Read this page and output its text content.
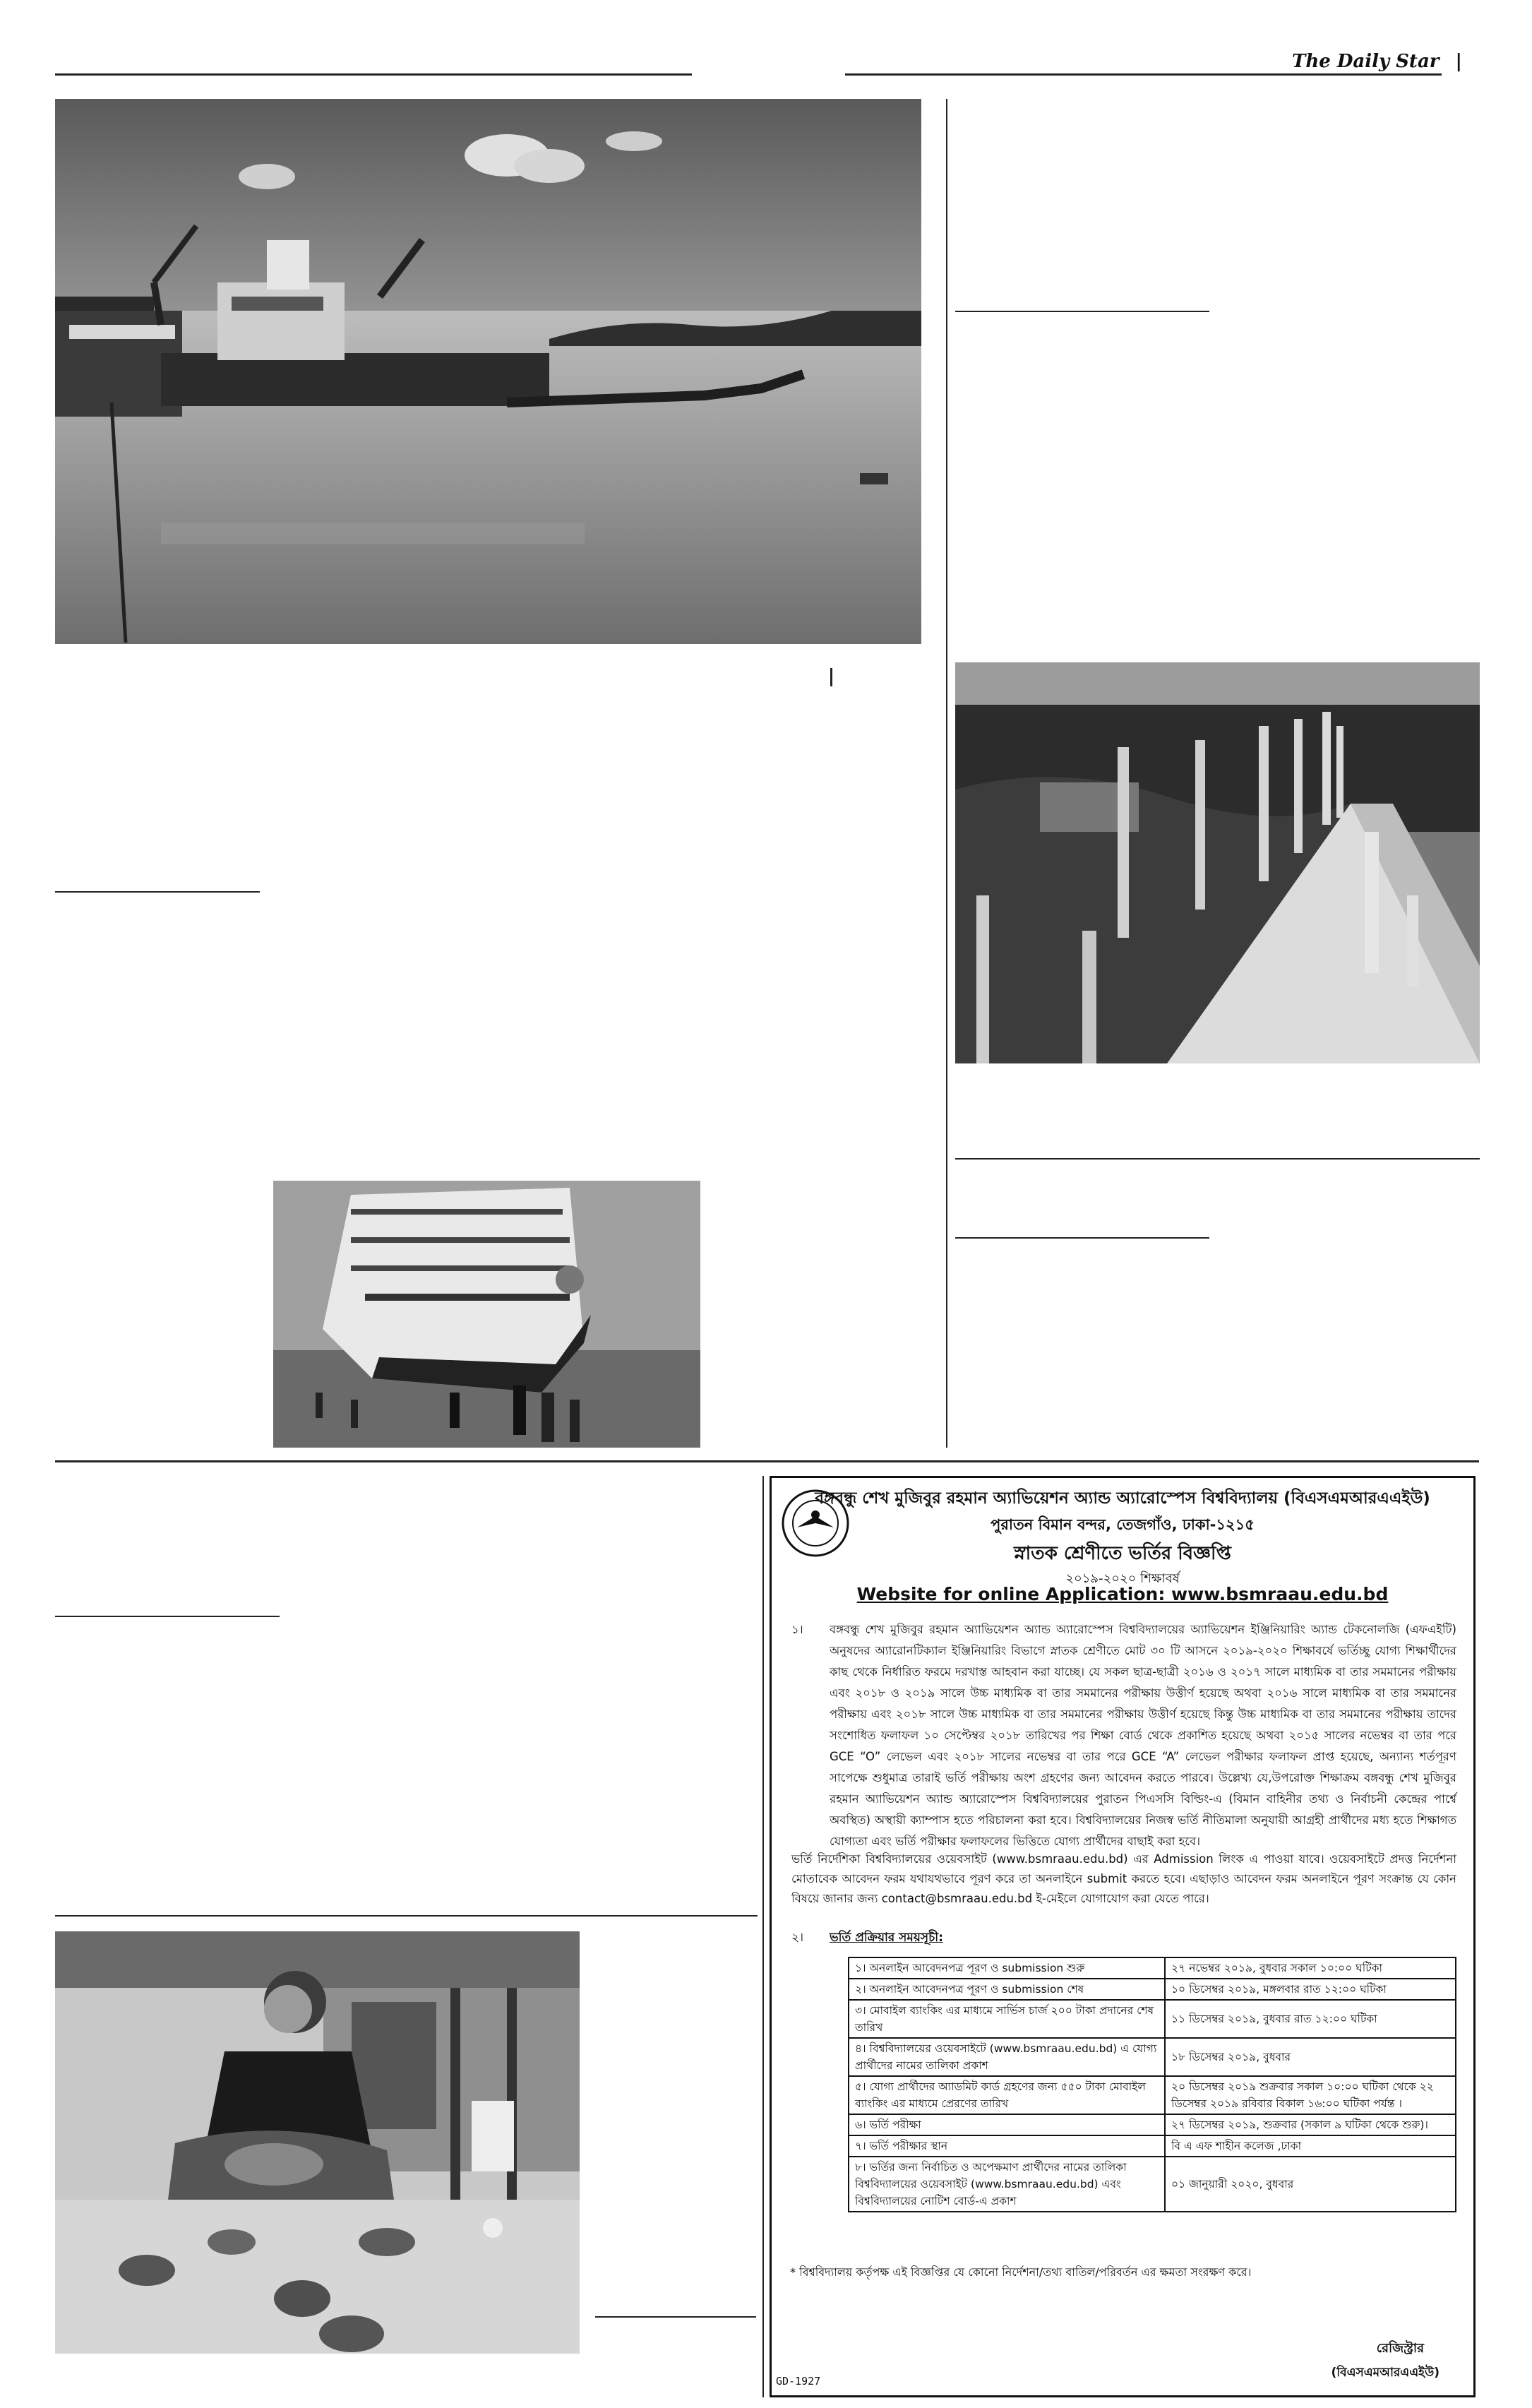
The Daily Star |
বঙ্গবন্ধু শেখ মুজিবুর রহমান অ্যাভিয়েশন অ্যান্ড অ্যারোস্পেস বিশ্ববিদ্যালয় (বিএসএমআরএএইউ)
পুরাতন বিমান বন্দর, তেজগাঁও, ঢাকা-১২১৫
স্নাতক শ্রেণীতে ভর্তির বিজ্ঞপ্তি
২০১৯-২০২০ শিক্ষাবর্ষ
Website for online Application: www.bsmraau.edu.bd
১।	বঙ্গবন্ধু শেখ মুজিবুর রহমান অ্যাভিয়েশন অ্যান্ড অ্যারোস্পেস বিশ্ববিদ্যালয়ের অ্যাভিয়েশন ইঞ্জিনিয়ারিং অ্যান্ড টেকনোলজি (এফএইটি) অনুষদের অ্যারোনটিক্যাল ইঞ্জিনিয়ারিং বিভাগে স্নাতক শ্রেণীতে মোট ৩০ টি আসনে ২০১৯-২০২০ শিক্ষাবর্ষে ভর্তিচ্ছু যোগ্য শিক্ষার্থীদের কাছ থেকে নির্ধারিত ফরমে দরখাস্ত আহবান করা যাচ্ছে। যে সকল ছাত্র-ছাত্রী ২০১৬ ও ২০১৭ সালে মাধ্যমিক বা তার সমমানের পরীক্ষায় এবং ২০১৮ ও ২০১৯ সালে উচ্চ মাধ্যমিক বা তার সমমানের পরীক্ষায় উত্তীর্ণ হয়েছে অথবা ২০১৬ সালে মাধ্যমিক বা তার সমমানের পরীক্ষায় এবং ২০১৮ সালে উচ্চ মাধ্যমিক বা তার সমমানের পরীক্ষায় উত্তীর্ণ হয়েছে কিন্তু উচ্চ মাধ্যমিক বা তার সমমানের পরীক্ষায় তাদের সংশোধিত ফলাফল ১০ সেপ্টেম্বর ২০১৮ তারিখের পর শিক্ষা বোর্ড থেকে প্রকাশিত হয়েছে অথবা ২০১৫ সালের নভেম্বর বা তার পরে GCE “O” লেভেল এবং ২০১৮ সালের নভেম্বর বা তার পরে GCE “A” লেভেল পরীক্ষার ফলাফল প্রাপ্ত হয়েছে, অন্যান্য শর্তপূরণ সাপেক্ষে শুধুমাত্র তারাই ভর্তি পরীক্ষায় অংশ গ্রহণের জন্য আবেদন করতে পারবে। উল্লেখ্য যে,উপরোক্ত শিক্ষাক্রম বঙ্গবন্ধু শেখ মুজিবুর রহমান অ্যাভিয়েশন অ্যান্ড অ্যারোস্পেস বিশ্ববিদ্যালয়ের পুরাতন পিএসসি বিল্ডিং-এ (বিমান বাহিনীর তথ্য ও নির্বাচনী কেন্দ্রের পার্শ্বে অবস্থিত) অস্থায়ী ক্যাম্পাস হতে পরিচালনা করা হবে। বিশ্ববিদ্যালয়ের নিজস্ব ভর্তি নীতিমালা অনুযায়ী আগ্রহী প্রার্থীদের মধ্য হতে শিক্ষাগত যোগ্যতা এবং ভর্তি পরীক্ষার ফলাফলের ভিত্তিতে যোগ্য প্রার্থীদের বাছাই করা হবে।
ভর্তি নির্দেশিকা বিশ্ববিদ্যালয়ের ওয়েবসাইট (www.bsmraau.edu.bd) এর Admission লিংক এ পাওয়া যাবে। ওয়েবসাইটে প্রদত্ত নির্দেশনা মোতাবেক আবেদন ফরম যথাযথভাবে পূরণ করে তা অনলাইনে submit করতে হবে। এছাড়াও আবেদন ফরম অনলাইনে পূরণ সংক্রান্ত যে কোন বিষয়ে জানার জন্য contact@bsmraau.edu.bd ই-মেইলে যোগাযোগ করা যেতে পারে।
২। ভর্তি প্রক্রিয়ার সময়সূচী:
১। অনলাইন আবেদনপত্র পূরণ ও submission শুরু	২৭ নভেম্বর ২০১৯, বুধবার সকাল ১০:০০ ঘটিকা
২। অনলাইন আবেদনপত্র পূরণ ও submission শেষ	১০ ডিসেম্বর ২০১৯, মঙ্গলবার রাত ১২:০০ ঘটিকা
৩। মোবাইল ব্যাংকিং এর মাধ্যমে সার্ভিস চার্জ ২০০ টাকা প্রদানের শেষ তারিখ	১১ ডিসেম্বর ২০১৯, বুধবার রাত ১২:০০ ঘটিকা
৪। বিশ্ববিদ্যালয়ের ওয়েবসাইটে (www.bsmraau.edu.bd) এ যোগ্য প্রার্থীদের নামের তালিকা প্রকাশ	১৮ ডিসেম্বর ২০১৯, বুধবার
৫। যোগ্য প্রার্থীদের অ্যাডমিট কার্ড গ্রহণের জন্য ৫৫০ টাকা মোবাইল ব্যাংকিং এর মাধ্যমে প্রেরণের তারিখ	২০ ডিসেম্বর ২০১৯ শুক্রবার সকাল ১০:০০ ঘটিকা থেকে ২২ ডিসেম্বর ২০১৯ রবিবার বিকাল ১৬:০০ ঘটিকা পর্যন্ত ।
৬। ভর্তি পরীক্ষা	২৭ ডিসেম্বর ২০১৯, শুক্রবার (সকাল ৯ ঘটিকা থেকে শুরু)।
৭। ভর্তি পরীক্ষার স্থান	বি এ এফ শাহীন কলেজ ,ঢাকা
৮। ভর্তির জন্য নির্বাচিত ও অপেক্ষমাণ প্রার্থীদের নামের তালিকা বিশ্ববিদ্যালয়ের ওয়েবসাইট (www.bsmraau.edu.bd) এবং বিশ্ববিদ্যালয়ের নোটিশ বোর্ড-এ প্রকাশ	০১ জানুয়ারী ২০২০, বুধবার
* বিশ্ববিদ্যালয় কর্তৃপক্ষ এই বিজ্ঞপ্তির যে কোনো নির্দেশনা/তথ্য বাতিল/পরিবর্তন এর ক্ষমতা সংরক্ষণ করে।
রেজিস্ট্রার
(বিএসএমআরএএইউ)
GD-1927
